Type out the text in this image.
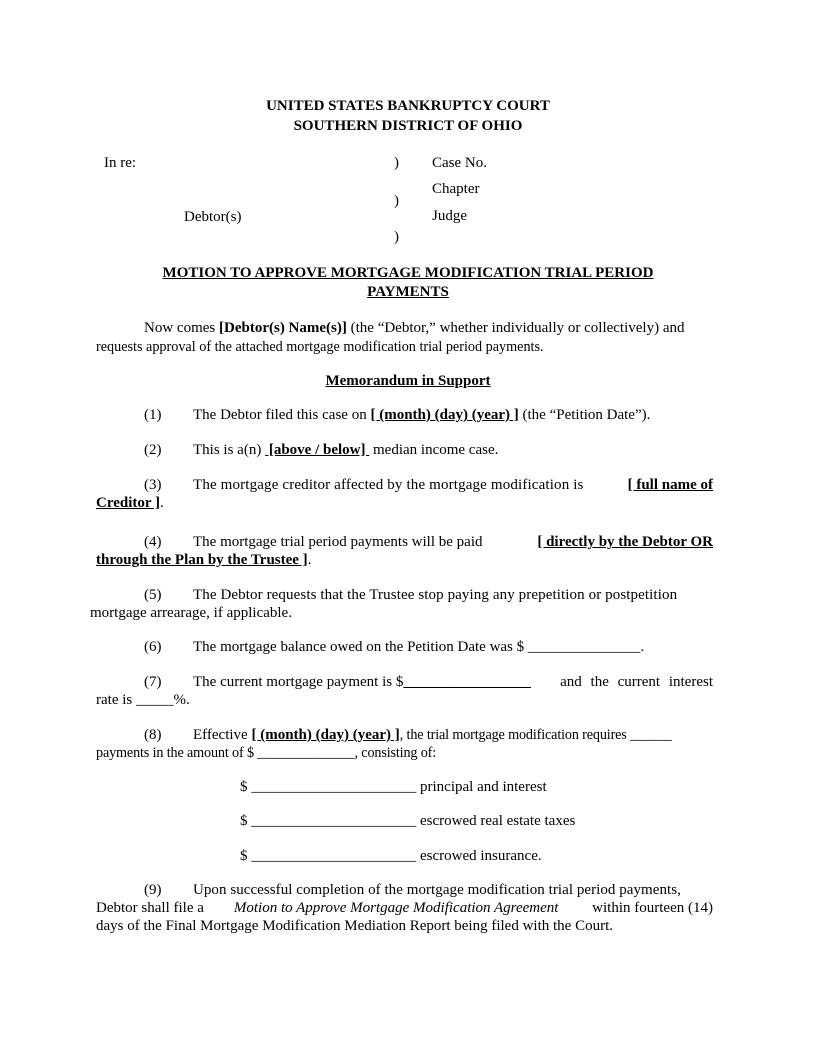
UNITED STATES BANKRUPTCY COURT
SOUTHERN DISTRICT OF OHIO
In re:
Debtor(s)
)
)
)
Case No.
Chapter
Judge
MOTION TO APPROVE MORTGAGE MODIFICATION TRIAL PERIOD
PAYMENTS
Now comes [Debtor(s) Name(s)] (the “Debtor,” whether individually or collectively) and
requests approval of the attached mortgage modification trial period payments.
Memorandum in Support
(1) The Debtor filed this case on [ (month) (day) (year) ] (the “Petition Date”).
(2) This is a(n)  [above / below]  median income case.
(3) The mortgage creditor affected by the mortgage modification is	[ full name of
Creditor ].
(4) The mortgage trial period payments will be paid	[ directly by the Debtor OR
through the Plan by the Trustee ].
(5) The Debtor requests that the Trustee stop paying any prepetition or postpetition
mortgage arrearage, if applicable.
(6) The mortgage balance owed on the Petition Date was $ _______________.
(7) The current mortgage payment is $_________________ and the current interest
rate is _____%.
(8) Effective [ (month) (day) (year) ], the trial mortgage modification requires ______
payments in the amount of $ ______________, consisting of:
$ ______________________ principal and interest
$ ______________________ escrowed real estate taxes
$ ______________________ escrowed insurance.
(9) Upon successful completion of the mortgage modification trial period payments,
Debtor shall file a Motion to Approve Mortgage Modification Agreement within fourteen (14)
days of the Final Mortgage Modification Mediation Report being filed with the Court.
